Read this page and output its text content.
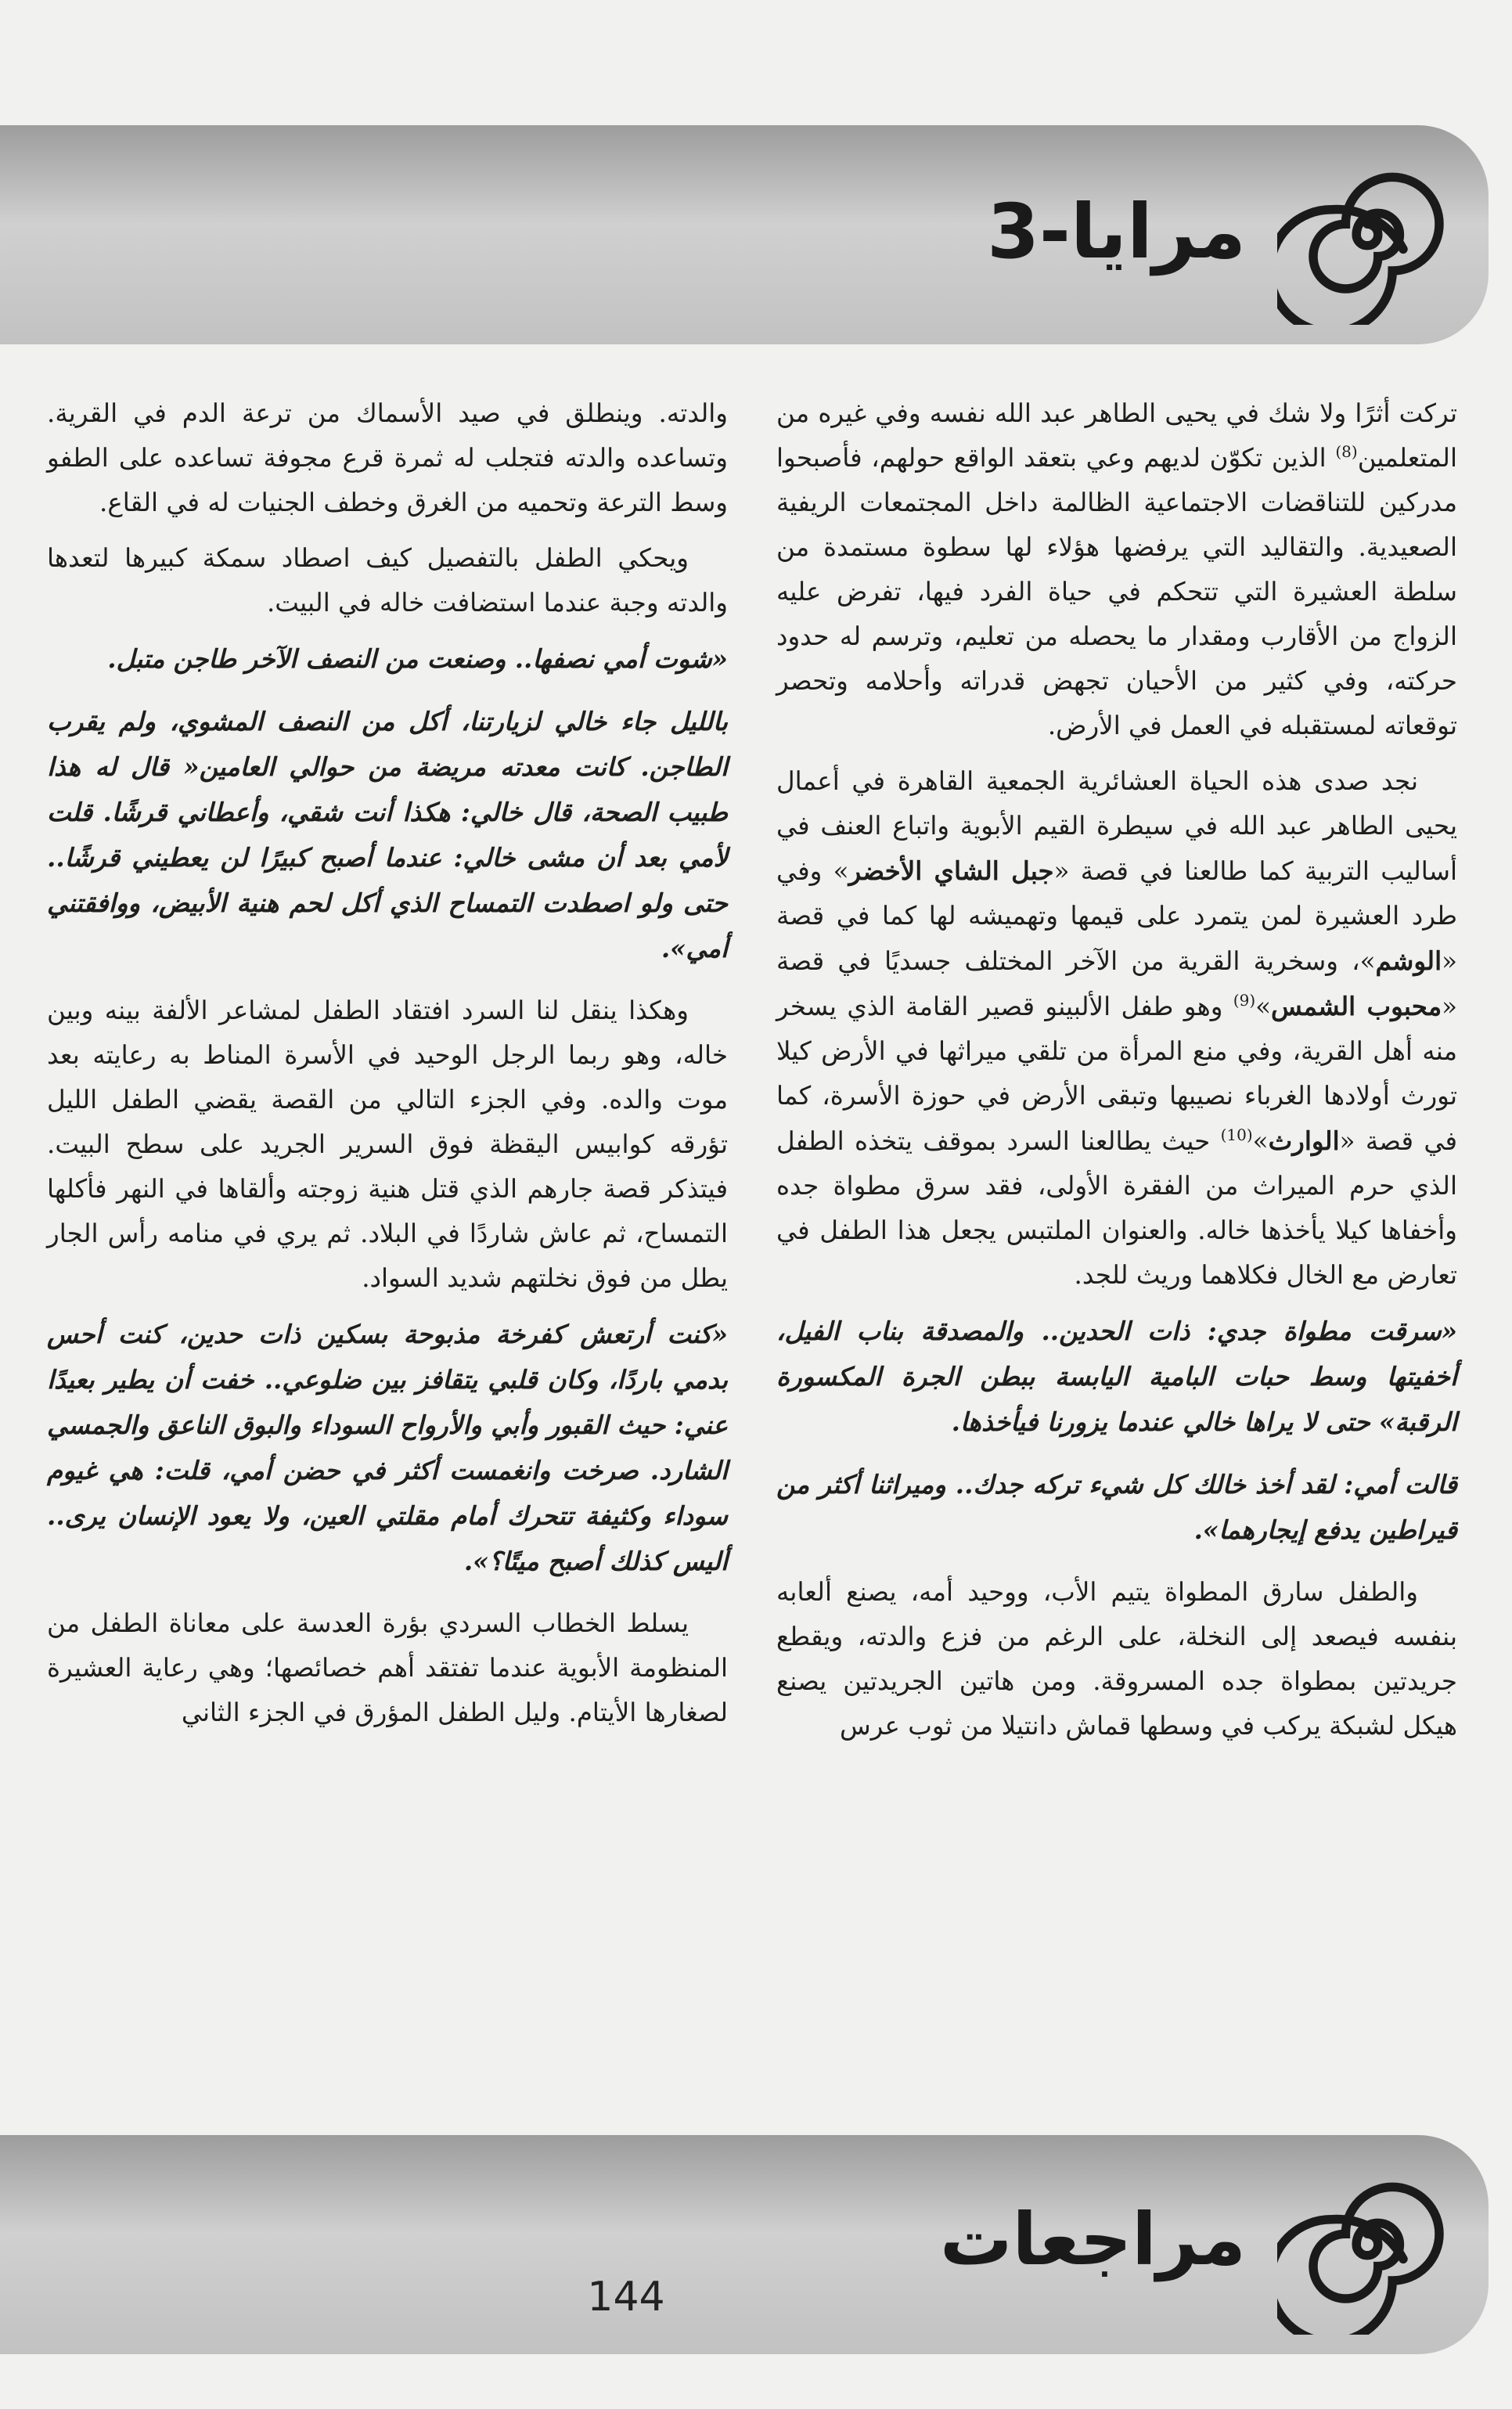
مرايا-3

تركت أثرًا ولا شك في يحيى الطاهر عبد الله نفسه وفي غيره من المتعلمين$^{(8)}$ الذين تكوّن لديهم وعي بتعقد الواقع حولهم، فأصبحوا مدركين للتناقضات الاجتماعية الظالمة داخل المجتمعات الريفية الصعيدية. والتقاليد التي يرفضها هؤلاء لها سطوة مستمدة من سلطة العشيرة التي تتحكم في حياة الفرد فيها، تفرض عليه الزواج من الأقارب ومقدار ما يحصله من تعليم، وترسم له حدود حركته، وفي كثير من الأحيان تجهض قدراته وأحلامه وتحصر توقعاته لمستقبله في العمل في الأرض.

نجد صدى هذه الحياة العشائرية الجمعية القاهرة في أعمال يحيى الطاهر عبد الله في سيطرة القيم الأبوية واتباع العنف في أساليب التربية كما طالعنا في قصة «جبل الشاي الأخضر» وفي طرد العشيرة لمن يتمرد على قيمها وتهميشه لها كما في قصة «الوشم»، وسخرية القرية من الآخر المختلف جسديًا في قصة «محبوب الشمس»$^{(9)}$ وهو طفل الألبينو قصير القامة الذي يسخر منه أهل القرية، وفي منع المرأة من تلقي ميراثها في الأرض كيلا تورث أولادها الغرباء نصيبها وتبقى الأرض في حوزة الأسرة، كما في قصة «الوارث»$^{(10)}$ حيث يطالعنا السرد بموقف يتخذه الطفل الذي حرم الميراث من الفقرة الأولى، فقد سرق مطواة جده وأخفاها كيلا يأخذها خاله. والعنوان الملتبس يجعل هذا الطفل في تعارض مع الخال فكلاهما وريث للجد.

«سرقت مطواة جدي: ذات الحدين.. والمصدقة بناب الفيل، أخفيتها وسط حبات البامية اليابسة ببطن الجرة المكسورة الرقبة» حتى لا يراها خالي عندما يزورنا فيأخذها.
قالت أمي: لقد أخذ خالك كل شيء تركه جدك.. وميراثنا أكثر من قيراطين يدفع إيجارهما».

والطفل سارق المطواة يتيم الأب، ووحيد أمه، يصنع ألعابه بنفسه فيصعد إلى النخلة، على الرغم من فزع والدته، ويقطع جريدتين بمطواة جده المسروقة. ومن هاتين الجريدتين يصنع هيكل لشبكة يركب في وسطها قماش دانتيلا من ثوب عرس

والدته. وينطلق في صيد الأسماك من ترعة الدم في القرية. وتساعده والدته فتجلب له ثمرة قرع مجوفة تساعده على الطفو وسط الترعة وتحميه من الغرق وخطف الجنيات له في القاع.

ويحكي الطفل بالتفصيل كيف اصطاد سمكة كبيرها لتعدها والدته وجبة عندما استضافت خاله في البيت.

«شوت أمي نصفها.. وصنعت من النصف الآخر طاجن متبل.
بالليل جاء خالي لزيارتنا، أكل من النصف المشوي، ولم يقرب الطاجن. كانت معدته مريضة من حوالي العامين« قال له هذا طبيب الصحة، قال خالي: هكذا أنت شقي، وأعطاني قرشًا. قلت لأمي بعد أن مشى خالي: عندما أصبح كبيرًا لن يعطيني قرشًا.. حتى ولو اصطدت التمساح الذي أكل لحم هنية الأبيض، ووافقتني أمي».

وهكذا ينقل لنا السرد افتقاد الطفل لمشاعر الألفة بينه وبين خاله، وهو ربما الرجل الوحيد في الأسرة المناط به رعايته بعد موت والده. وفي الجزء التالي من القصة يقضي الطفل الليل تؤرقه كوابيس اليقظة فوق السرير الجريد على سطح البيت. فيتذكر قصة جارهم الذي قتل هنية زوجته وألقاها في النهر فأكلها التمساح، ثم عاش شاردًا في البلاد. ثم يري في منامه رأس الجار يطل من فوق نخلتهم شديد السواد.

«كنت أرتعش كفرخة مذبوحة بسكين ذات حدين، كنت أحس بدمي باردًا، وكان قلبي يتقافز بين ضلوعي.. خفت أن يطير بعيدًا عني: حيث القبور وأبي والأرواح السوداء والبوق الناعق والجمسي الشارد. صرخت وانغمست أكثر في حضن أمي، قلت: هي غيوم سوداء وكثيفة تتحرك أمام مقلتي العين، ولا يعود الإنسان يرى.. أليس كذلك أصبح ميتًا؟».

يسلط الخطاب السردي بؤرة العدسة على معاناة الطفل من المنظومة الأبوية عندما تفتقد أهم خصائصها؛ وهي رعاية العشيرة لصغارها الأيتام. وليل الطفل المؤرق في الجزء الثاني

مراجعات
144
